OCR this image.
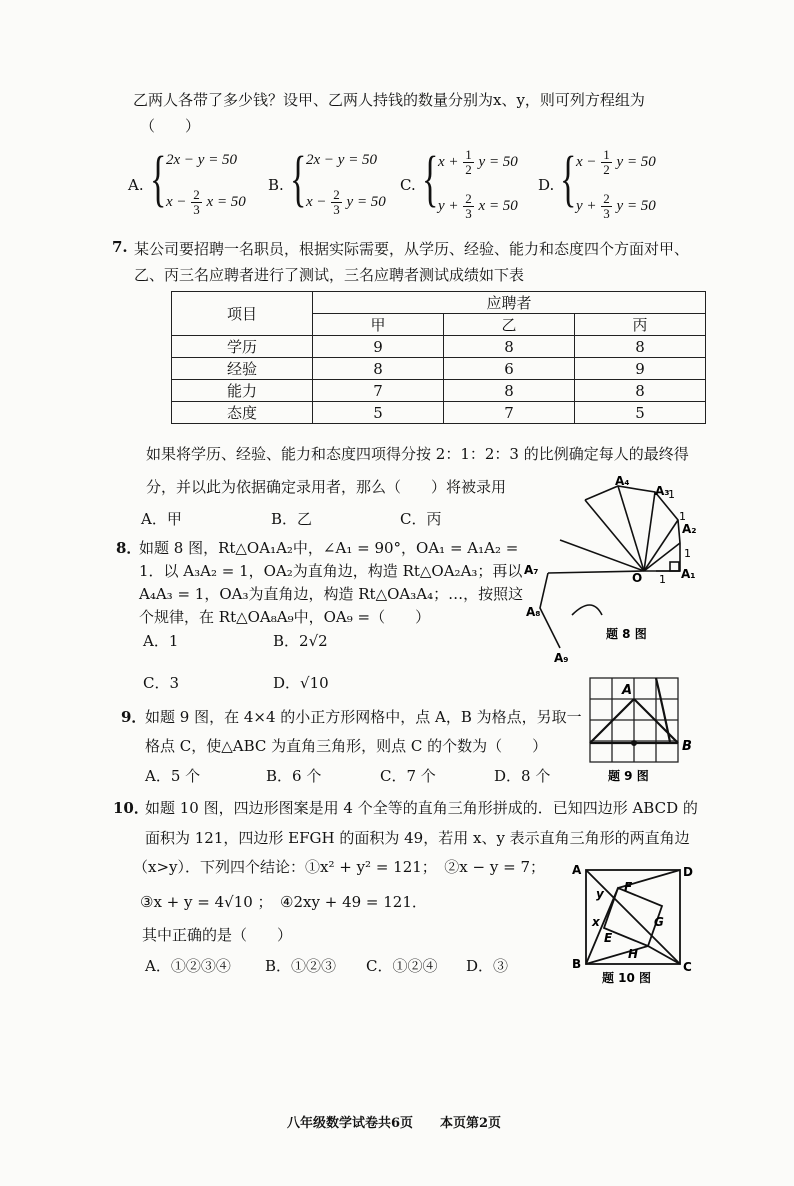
乙两人各带了多少钱？设甲、乙两人持钱的数量分别为x、y，则可列方程组为
（　　）
A. { 2x − y = 50
$x - \frac{2}{3}$ x = 50
B. { 2x − y = 50
$x - \frac{2}{3}$ y = 50
C. { $x + \frac{1}{2}$ y = 50
$y + \frac{2}{3}$ x = 50
D. { $x - \frac{1}{2}$ y = 50
$y + \frac{2}{3}$ y = 50
7. 某公司要招聘一名职员，根据实际需要，从学历、经验、能力和态度四个方面对甲、
乙、丙三名应聘者进行了测试，三名应聘者测试成绩如下表
项目	应聘者		
	甲	乙	丙
学历	9	8	8
经验	8	6	9
能力	7	8	8
态度	5	7	5
如果将学历、经验、能力和态度四项得分按 2：1：2：3 的比例确定每人的最终得
分，并以此为依据确定录用者，那么（　　）将被录用
A．甲	B．乙	C．丙
8．
如题 8 图，Rt△OA₁A₂中，∠A₁ = 90°，OA₁ = A₁A₂ =
1．以 A₃A₂ = 1，OA₂为直角边，构造 Rt△OA₂A₃；再以
A₄A₃ = 1，OA₃为直角边，构造 Rt△OA₃A₄；…，按照这
个规律，在 Rt△OA₈A₉中，OA₉ =（　　）
A．1	B．2√2
C．3	D．√10
O 1
1
1
1
A₁
A₂
A₃
A₄
A₇
A₈
A₉
题 8 图
9．
如题 9 图，在 4×4 的小正方形网格中，点 A，B 为格点，另取一
格点 C，使△ABC 为直角三角形，则点 C 的个数为（　　）
A．5 个	B．6 个	C．7 个	D．8 个
A
B
题 9 图
10．
如题 10 图，四边形图案是用 4 个全等的直角三角形拼成的．已知四边形 ABCD 的
面积为 121，四边形 EFGH 的面积为 49，若用 x、y 表示直角三角形的两直角边
（x>y）．下列四个结论：①x² + y² = 121；　②x − y = 7；
③x + y = 4√10 ；　④2xy + 49 = 121．
其中正确的是（　　）
A．①②③④ B．①②③ C．①②④ D．③
A	D
B	C
F
G
E
H
y
x
题 10 图
八年级数学试卷共6页 本页第2页
